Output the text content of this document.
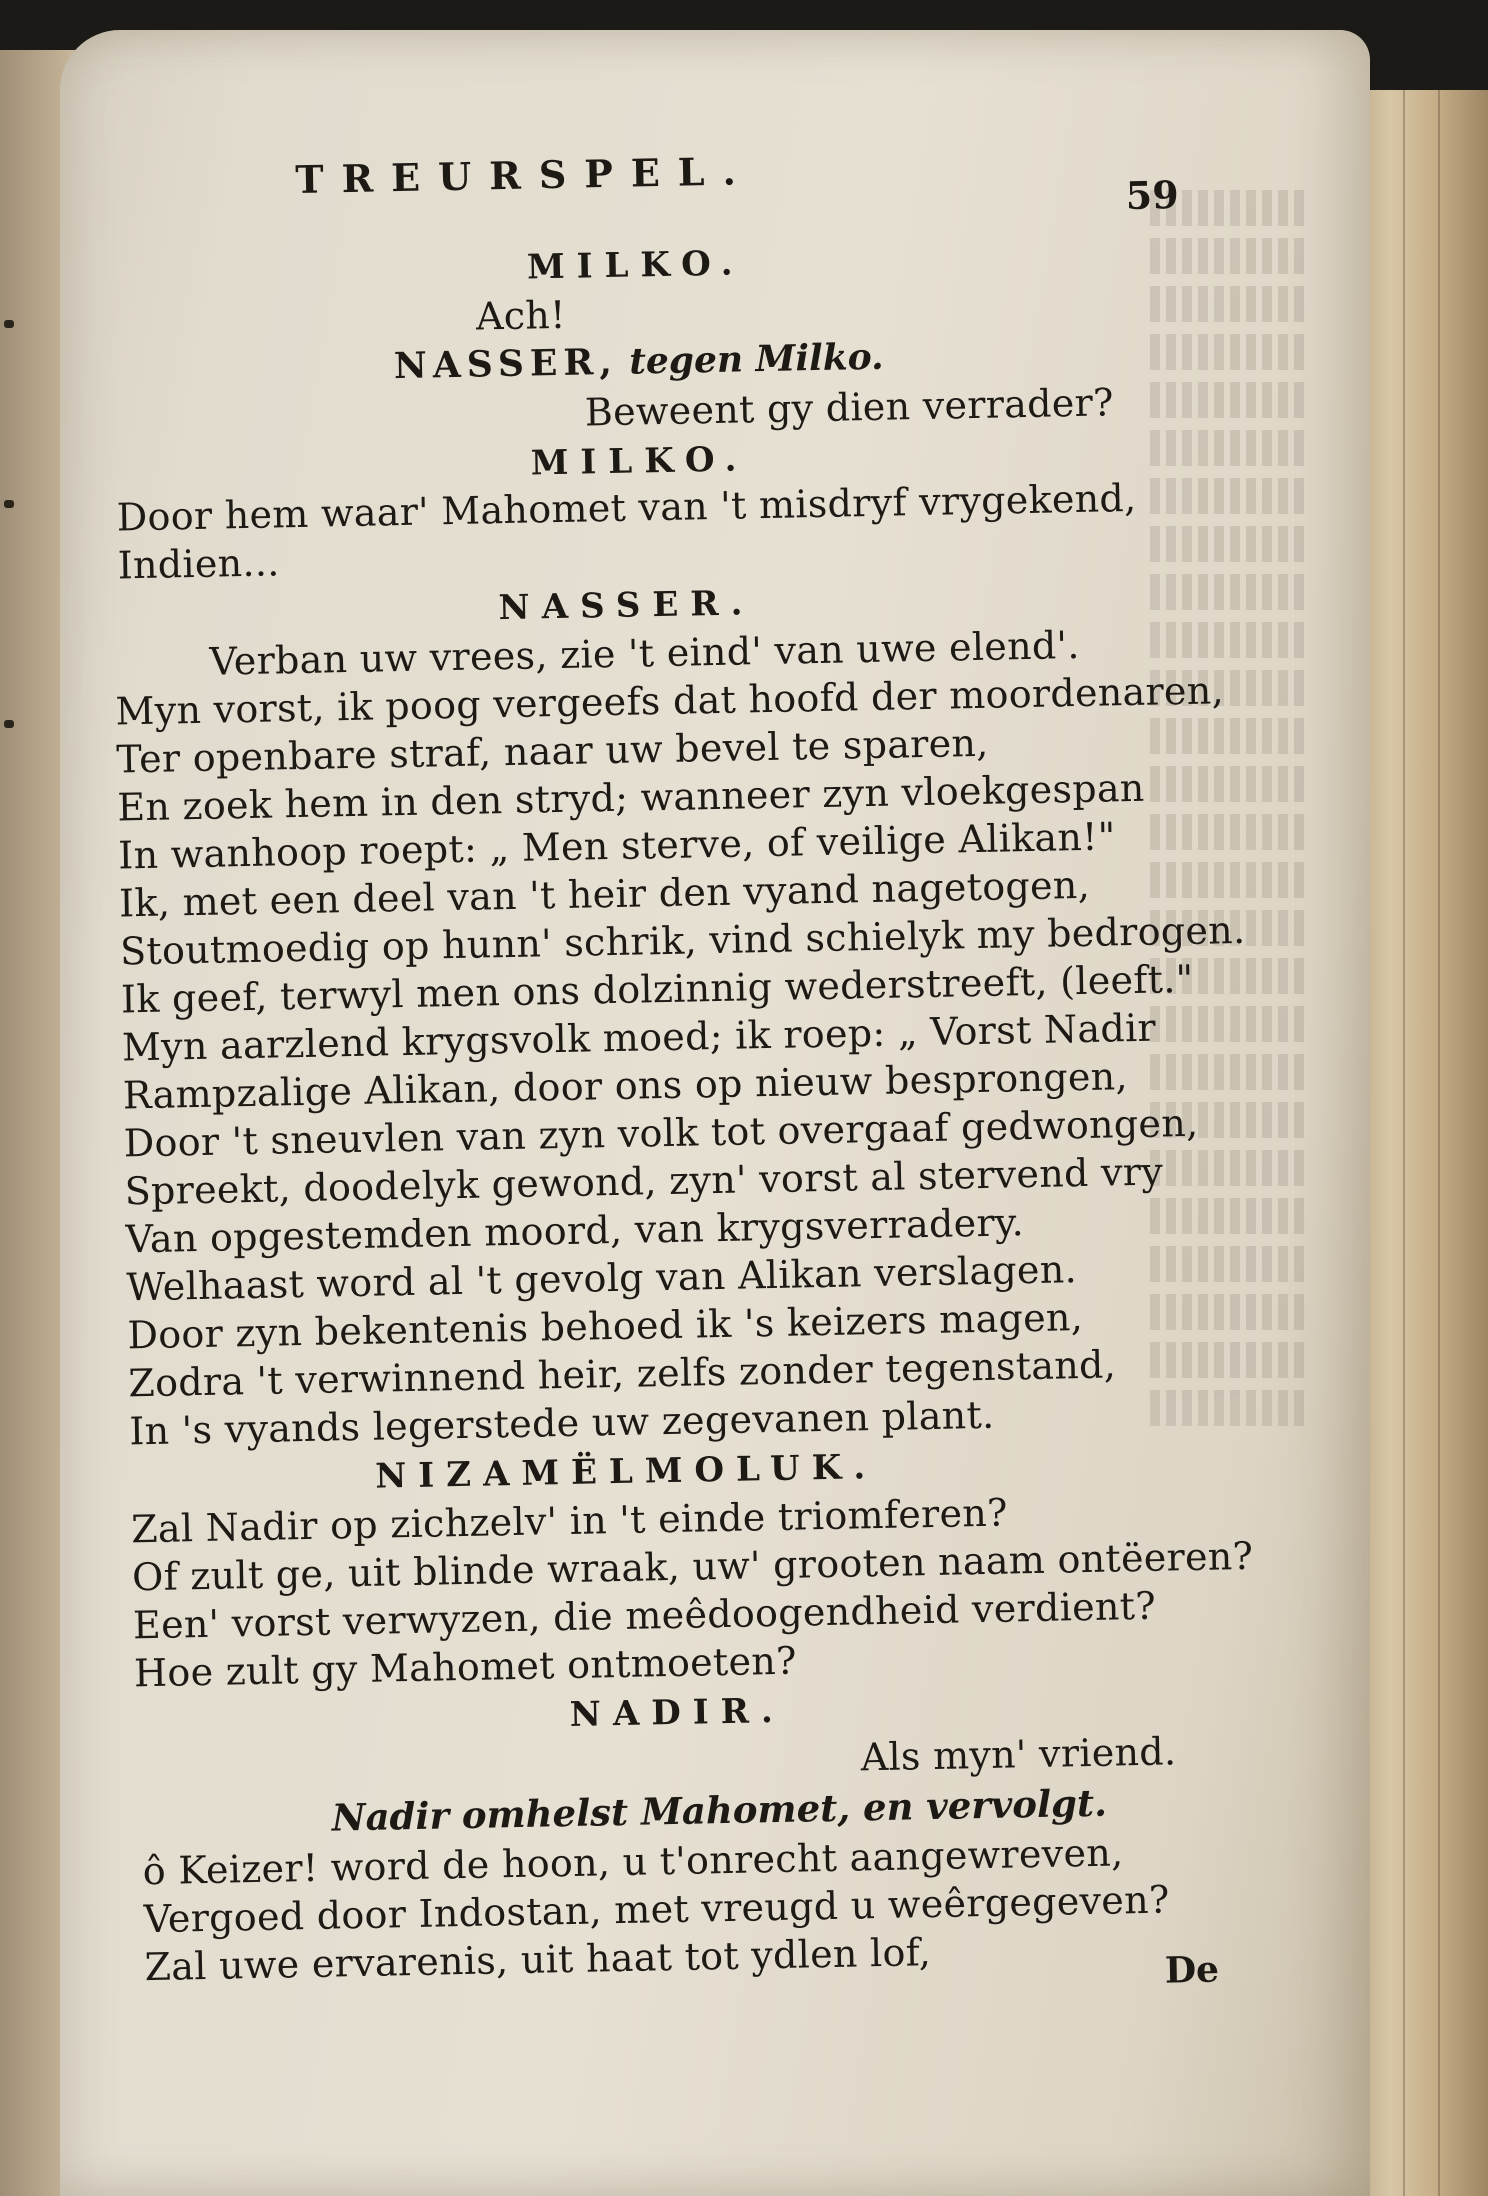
TREURSPEL.	59
MILKO.
Ach!
NASSER, tegen Milko.
Beweent gy dien verrader?
MILKO.
Door hem waar' Mahomet van 't misdryf vrygekend,
Indien...
NASSER.
Verban uw vrees, zie 't eind' van uwe elend'.
Myn vorst, ik poog vergeefs dat hoofd der moordenaren,
Ter openbare straf, naar uw bevel te sparen,
En zoek hem in den stryd; wanneer zyn vloekgespan
In wanhoop roept: „ Men sterve, of veilige Alikan!"
Ik, met een deel van 't heir den vyand nagetogen,
Stoutmoedig op hunn' schrik, vind schielyk my bedrogen.
Ik geef, terwyl men ons dolzinnig wederstreeft, (leeft."
Myn aarzlend krygsvolk moed; ik roep: „ Vorst Nadir
Rampzalige Alikan, door ons op nieuw besprongen,
Door 't sneuvlen van zyn volk tot overgaaf gedwongen,
Spreekt, doodelyk gewond, zyn' vorst al stervend vry
Van opgestemden moord, van krygsverradery.
Welhaast word al 't gevolg van Alikan verslagen.
Door zyn bekentenis behoed ik 's keizers magen,
Zodra 't verwinnend heir, zelfs zonder tegenstand,
In 's vyands legerstede uw zegevanen plant.
NIZAMËLMOLUK.
Zal Nadir op zichzelv' in 't einde triomferen?
Of zult ge, uit blinde wraak, uw' grooten naam ontëeren?
Een' vorst verwyzen, die meêdoogendheid verdient?
Hoe zult gy Mahomet ontmoeten?
NADIR.
Als myn' vriend.
Nadir omhelst Mahomet, en vervolgt.
ô Keizer! word de hoon, u t'onrecht aangewreven,
Vergoed door Indostan, met vreugd u weêrgegeven?
Zal uwe ervarenis, uit haat tot ydlen lof,	De
